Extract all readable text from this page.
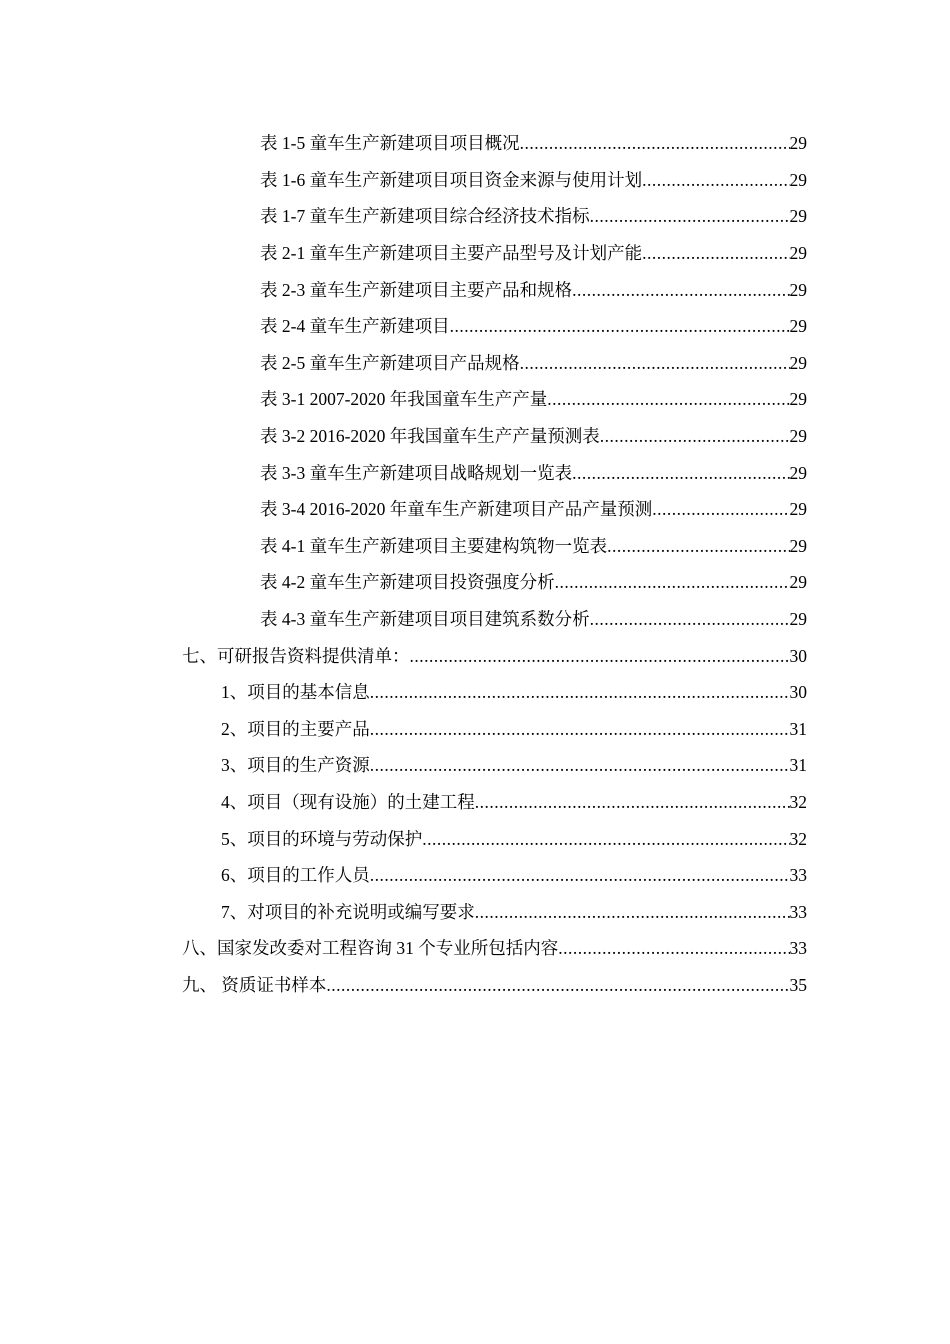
表 1-5 童车生产新建项目项目概况 .....	29
表 1-6 童车生产新建项目项目资金来源与使用计划 .....	29
表 1-7 童车生产新建项目综合经济技术指标 .....	29
表 2-1 童车生产新建项目主要产品型号及计划产能 .....	29
表 2-3 童车生产新建项目主要产品和规格 .....	29
表 2-4 童车生产新建项目 .....	29
表 2-5 童车生产新建项目产品规格 .....	29
表 3-1 2007-2020 年我国童车生产产量 .....	29
表 3-2 2016-2020 年我国童车生产产量预测表 .....	29
表 3-3 童车生产新建项目战略规划一览表 .....	29
表 3-4 2016-2020 年童车生产新建项目产品产量预测 .....	29
表 4-1 童车生产新建项目主要建构筑物一览表 .....	29
表 4-2 童车生产新建项目投资强度分析 .....	29
表 4-3 童车生产新建项目项目建筑系数分析 .....	29
七、可研报告资料提供清单： .....	30
1、项目的基本信息 .....	30
2、项目的主要产品 .....	31
3、项目的生产资源 .....	31
4、项目（现有设施）的土建工程 .....	32
5、项目的环境与劳动保护 .....	32
6、项目的工作人员 .....	33
7、对项目的补充说明或编写要求 .....	33
八、国家发改委对工程咨询 31 个专业所包括内容 .....	33
九、 资质证书样本 .....	35
